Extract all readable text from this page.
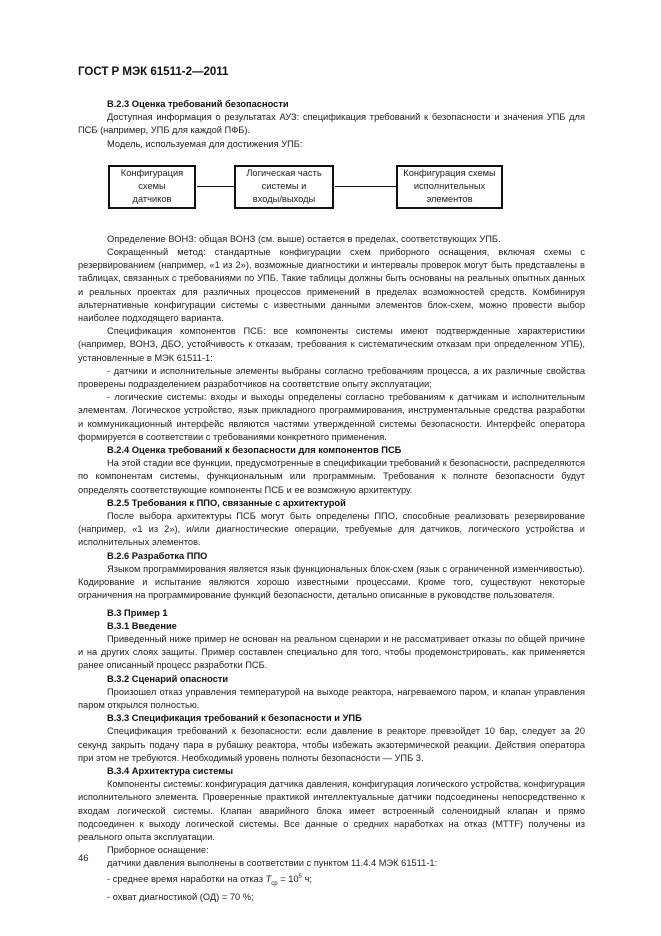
ГОСТ Р МЭК 61511-2—2011

В.2.3 Оценка требований безопасности

Доступная информация о результатах АУЗ: спецификация требований к безопасности и значения УПБ для ПСБ (например, УПБ для каждой ПФБ).

Модель, используемая для достижения УПБ:

Конфигурация
схемы
датчиков
Логическая часть
системы и
входы/выходы
Конфигурация схемы
исполнительных
элементов

Определение ВОНЗ: общая ВОНЗ (см. выше) остается в пределах, соответствующих УПБ.

Сокращенный метод: стандартные конфигурации схем приборного оснащения, включая схемы с резервированием (например, «1 из 2»), возможные диагностики и интервалы проверок могут быть представлены в таблицах, связанных с требованиями по УПБ. Такие таблицы должны быть основаны на реальных опытных данных и реальных проектах для различных процессов применений в пределах возможностей средств. Комбинируя альтернативные конфигурации системы с известными данными элементов блок-схем, можно провести выбор наиболее подходящего варианта.

Спецификация компонентов ПСБ: все компоненты системы имеют подтвержденные характеристики (например, ВОНЗ, ДБО, устойчивость к отказам, требования к систематическим отказам при определенном УПБ), установленные в МЭК 61511-1:

- датчики и исполнительные элементы выбраны согласно требованиям процесса, а их различные свойства проверены подразделением разработчиков на соответствие опыту эксплуатации;

- логические системы: входы и выходы определены согласно требованиям к датчикам и исполнительным элементам. Логическое устройство, язык прикладного программирования, инструментальные средства разработки и коммуникационный интерфейс являются частями утвержденной системы безопасности. Интерфейс оператора формируется в соответствии с требованиями конкретного применения.

В.2.4 Оценка требований к безопасности для компонентов ПСБ

На этой стадии все функции, предусмотренные в спецификации требований к безопасности, распределяются по компонентам системы, функциональным или программным. Требования к полноте безопасности будут определять соответствующие компоненты ПСБ и ее возможную архитектуру.

В.2.5 Требования к ППО, связанные с архитектурой

После выбора архитектуры ПСБ могут быть определены ППО, способные реализовать резервирование (например, «1 из 2»), и/или диагностические операции, требуемые для датчиков, логического устройства и исполнительных элементов.

В.2.6 Разработка ППО

Языком программирования является язык функциональных блок-схем (язык с ограниченной изменчивостью). Кодирование и испытание являются хорошо известными процессами. Кроме того, существуют некоторые ограничения на программирование функций безопасности, детально описанные в руководстве пользователя.

В.3 Пример 1

В.3.1 Введение

Приведенный ниже пример не основан на реальном сценарии и не рассматривает отказы по общей причине и на других слоях защиты. Пример составлен специально для того, чтобы продемонстрировать, как применяется ранее описанный процесс разработки ПСБ.

В.3.2 Сценарий опасности

Произошел отказ управления температурой на выходе реактора, нагреваемого паром, и клапан управления паром открылся полностью.

В.3.3 Спецификация требований к безопасности и УПБ

Спецификация требований к безопасности: если давление в реакторе превзойдет 10 бар, следует за 20 секунд закрыть подачу пара в рубашку реактора, чтобы избежать экзотермической реакции. Действия оператора при этом не требуются. Необходимый уровень полноты безопасности — УПБ 3.

В.3.4 Архитектура системы

Компоненты системы: конфигурация датчика давления, конфигурация логического устройства, конфигурация исполнительного элемента. Проверенные практикой интеллектуальные датчики подсоединены непосредственно к входам логической системы. Клапан аварийного блока имеет встроенный соленоидный клапан и прямо подсоединен к выходу логической системы. Все данные о средних наработках на отказ (MTTF) получены из реального опыта эксплуатации.

Приборное оснащение:

датчики давления выполнены в соответствии с пунктом 11.4.4 МЭК 61511-1:

- среднее время наработки на отказ $T_{ср} = 10^5$ ч;

- охват диагностикой (ОД) = 70 %;

46
